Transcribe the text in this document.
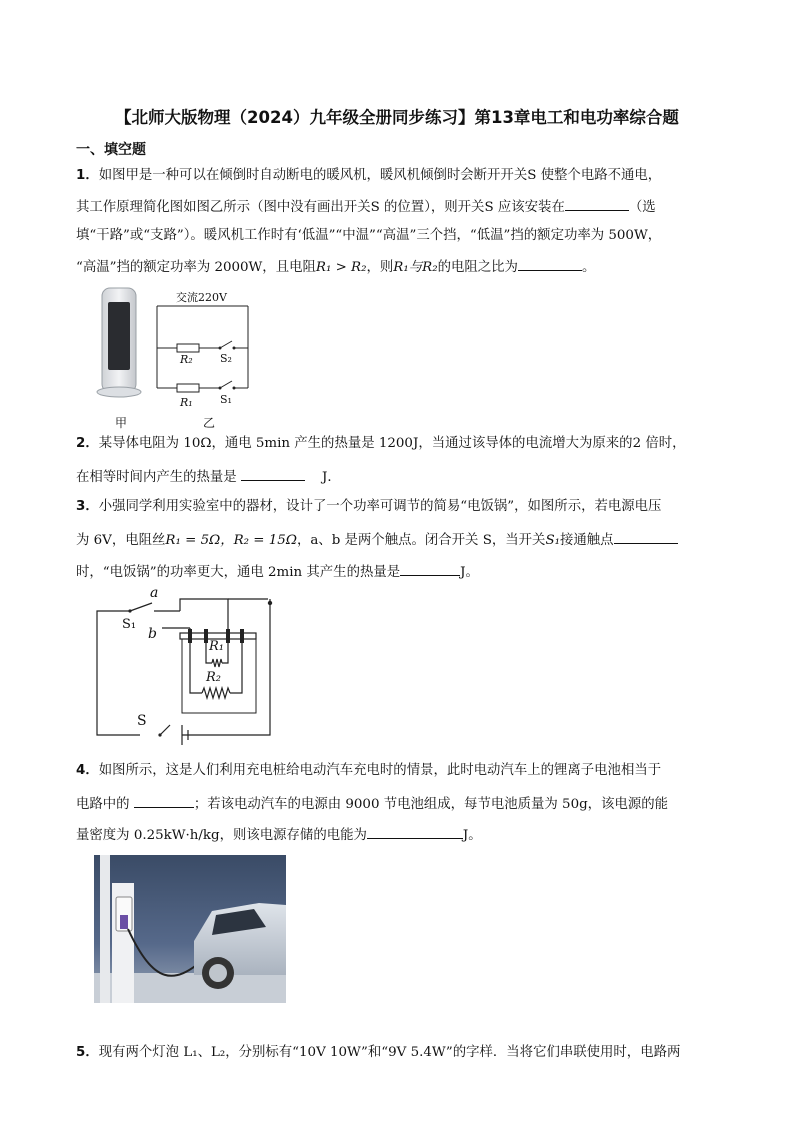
【北师大版物理（2024）九年级全册同步练习】第13章电工和电功率综合题
一、填空题
1．如图甲是一种可以在倾倒时自动断电的暖风机，暖风机倾倒时会断开开关S 使整个电路不通电，
其工作原理简化图如图乙所示（图中没有画出开关S 的位置），则开关S 应该安装在	（选
填“干路”或“支路”）。暖风机工作时有‘低温”“中温”“高温”三个挡，“低温”挡的额定功率为 500W，
“高温”挡的额定功率为 2000W，且电阻R₁ > R₂，则R₁与R₂的电阻之比为	。
甲
交流220V
R₂ S₂
R₁ S₁
乙
2．某导体电阻为 10Ω，通电 5min 产生的热量是 1200J，当通过该导体的电流增大为原来的2 倍时，
在相等时间内产生的热量是	J．
3．小强同学利用实验室中的器材，设计了一个功率可调节的简易“电饭锅”，如图所示，若电源电压
为 6V，电阻丝R₁ = 5Ω，R₂ = 15Ω，a、b 是两个触点。闭合开关 S，当开关S₁接通触点
时，“电饭锅”的功率更大，通电 2min 其产生的热量是	J。
a
b
S₁
R₁
R₂
S
4．如图所示，这是人们利用充电桩给电动汽车充电时的情景，此时电动汽车上的锂离子电池相当于
电路中的	；若该电动汽车的电源由 9000 节电池组成，每节电池质量为 50g，该电源的能
量密度为 0.25kW·h/kg，则该电源存储的电能为	J。
5．现有两个灯泡 L₁、L₂，分别标有“10V 10W”和“9V 5.4W”的字样．当将它们串联使用时，电路两
